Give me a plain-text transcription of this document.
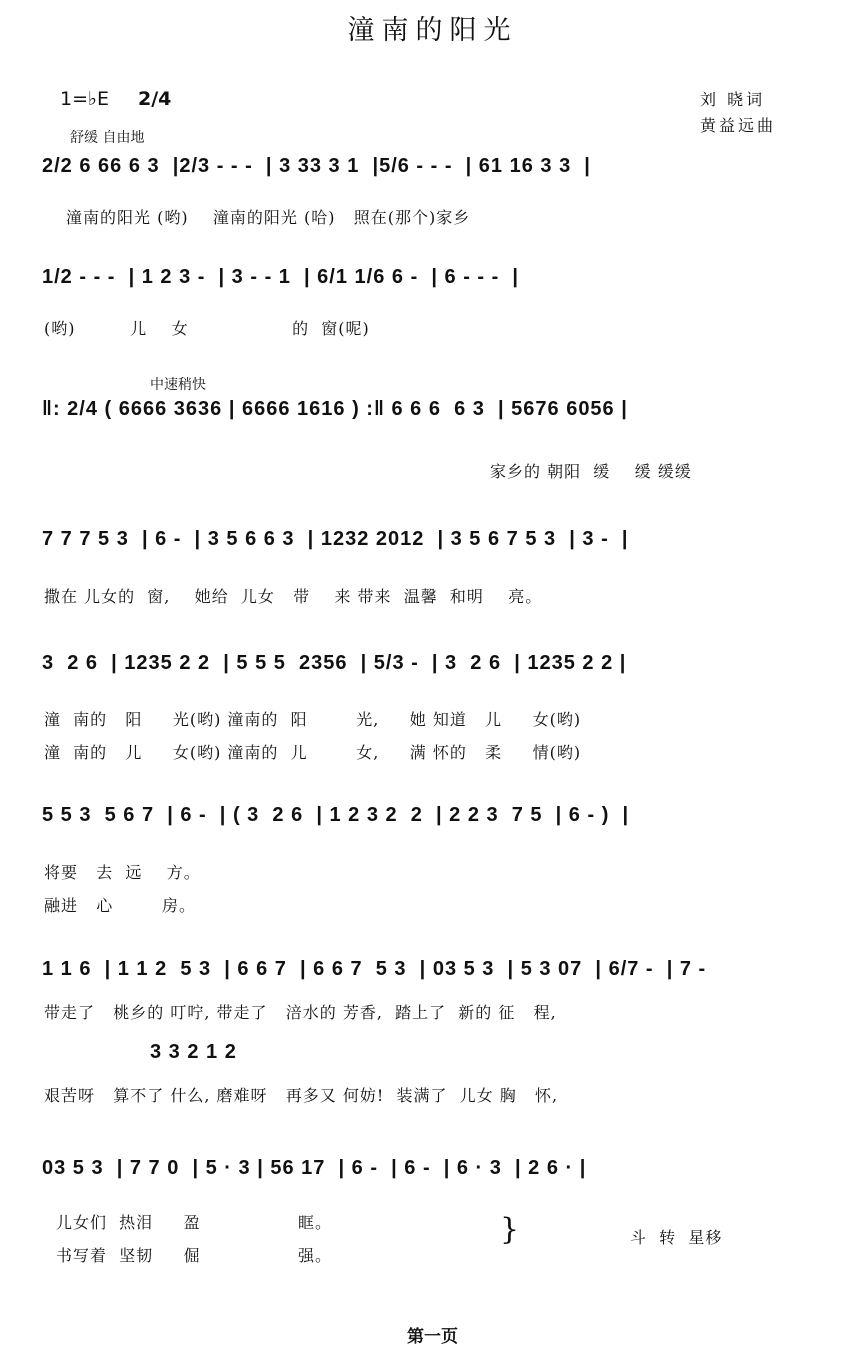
潼南的阳光
1=♭E 2/4
舒缓 自由地
刘 晓词
黄益远曲
2/2 6 66 6 3  |2/3 - - -  | 3 33 3 1  |5/6 - - -  | 61 16 3 3  |
潼南的阳光 (哟)    潼南的阳光 (哈)   照在(那个)家乡
1/2 - - -  | 1 2 3 -  | 3 - - 1  | 6/1 1/6 6 -  | 6 - - -  |
(哟)         儿    女                 的  窗(呢)
中速稍快
‖: 2/4 ( 6666 3636 | 6666 1616 ) :‖ 6 6 6  6 3  | 5676 6056 |
家乡的 朝阳  缓    缓 缓缓
7 7 7 5 3  | 6 -  | 3 5 6 6 3  | 1232 2012  | 3 5 6 7 5 3  | 3 -  |
撒在 儿女的  窗,    她给  儿女   带    来 带来  温馨  和明    亮。
3  2 6  | 1235 2 2  | 5 5 5  2356  | 5/3 -  | 3  2 6  | 1235 2 2 |
潼  南的   阳     光(哟) 潼南的  阳        光,     她 知道   儿     女(哟)
潼  南的   儿     女(哟) 潼南的  儿        女,     满 怀的   柔     情(哟)
5 5 3  5 6 7  | 6 -  | ( 3  2 6  | 1 2 3 2  2  | 2 2 3  7 5  | 6 - )  |
将要   去  远    方。
融进   心        房。
1 1 6  | 1 1 2  5 3  | 6 6 7  | 6 6 7  5 3  | 03 5 3  | 5 3 07  | 6/7 -  | 7 -
带走了   桃乡的 叮咛, 带走了   涪水的 芳香,  踏上了  新的 征   程,
3 3 2 1 2
艰苦呀   算不了 什么, 磨难呀   再多又 何妨!  装满了  儿女 胸   怀,
03 5 3  | 7 7 0  | 5 · 3 | 56 17  | 6 -  | 6 -  | 6 · 3  | 2 6 · |
儿女们  热泪     盈                眶。
书写着  坚韧     倔                强。
}	斗  转  星移
第一页
